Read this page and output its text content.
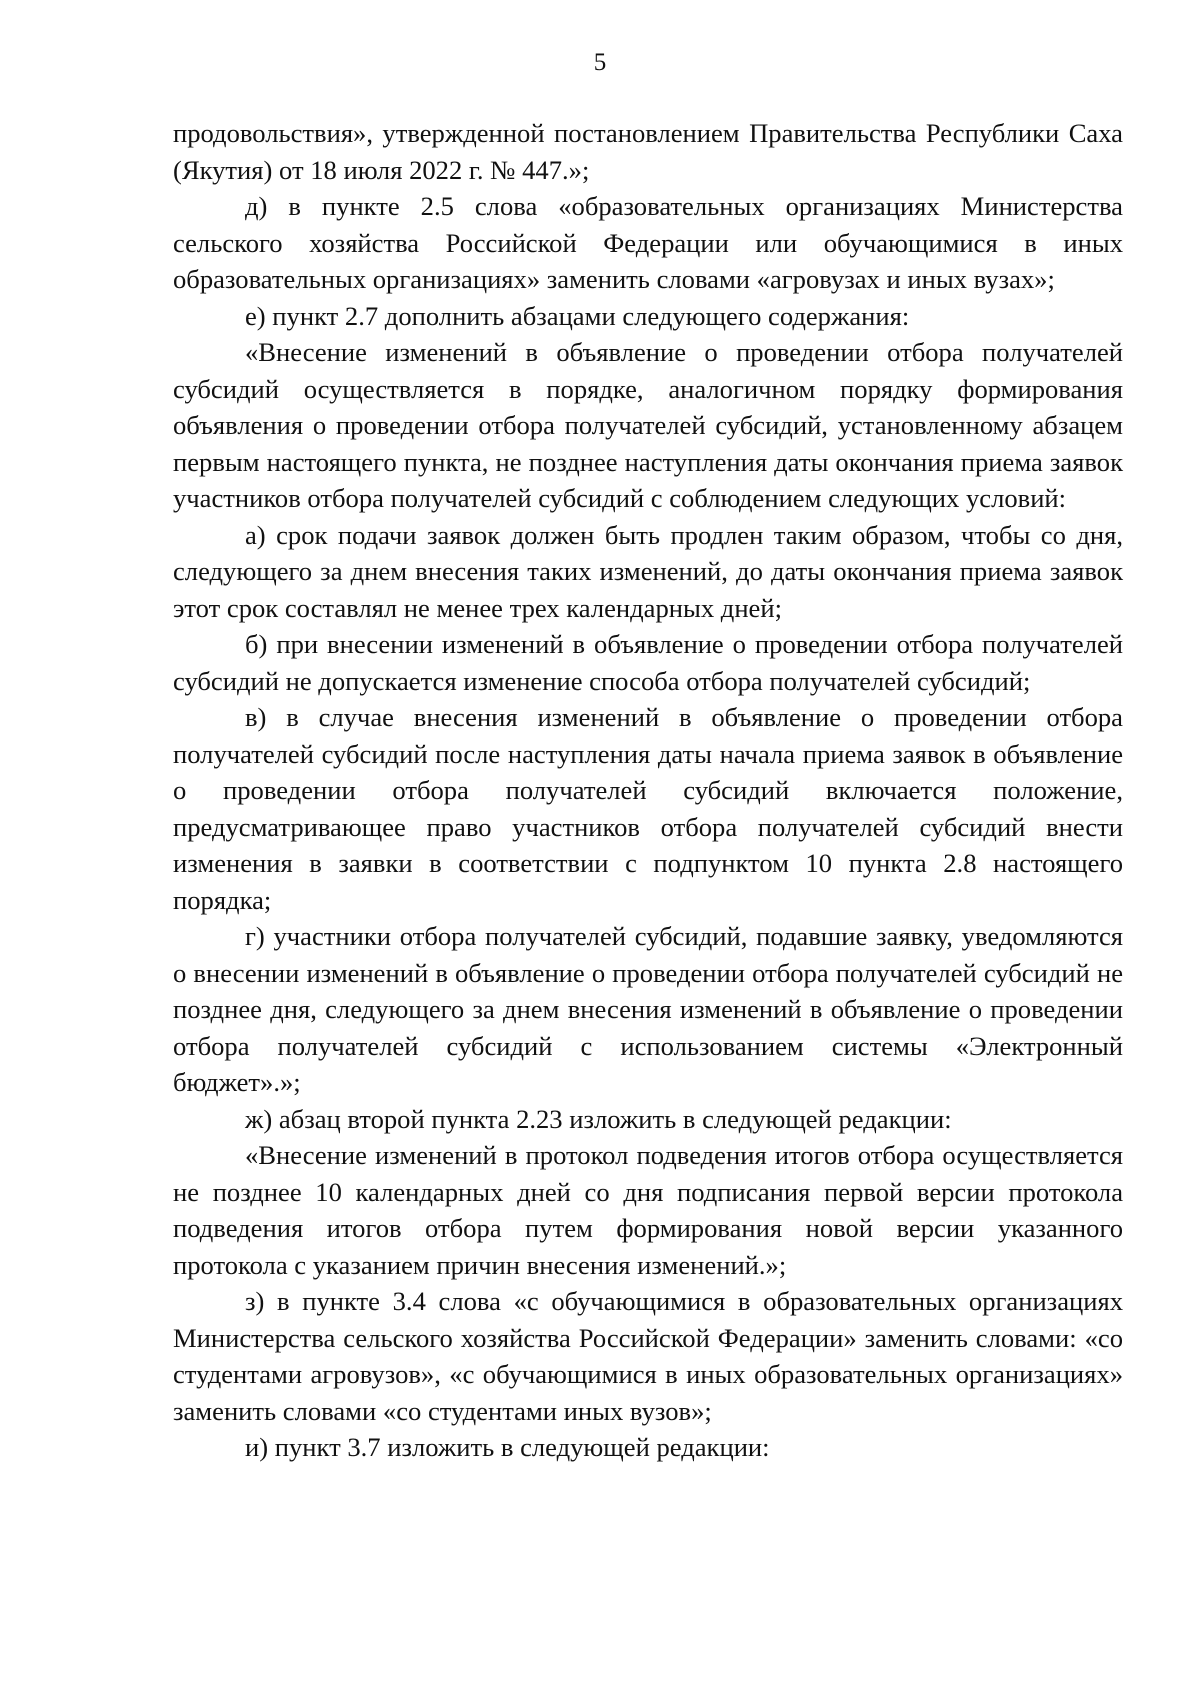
5

продовольствия», утвержденной постановлением Правительства Республики Саха (Якутия) от 18 июля 2022 г. № 447.»;

д) в пункте 2.5 слова «образовательных организациях Министерства сельского хозяйства Российской Федерации или обучающимися в иных образовательных организациях» заменить словами «агровузах и иных вузах»;

е) пункт 2.7 дополнить абзацами следующего содержания:

«Внесение изменений в объявление о проведении отбора получателей субсидий осуществляется в порядке, аналогичном порядку формирования объявления о проведении отбора получателей субсидий, установленному абзацем первым настоящего пункта, не позднее наступления даты окончания приема заявок участников отбора получателей субсидий с соблюдением следующих условий:

а) срок подачи заявок должен быть продлен таким образом, чтобы со дня, следующего за днем внесения таких изменений, до даты окончания приема заявок этот срок составлял не менее трех календарных дней;

б) при внесении изменений в объявление о проведении отбора получателей субсидий не допускается изменение способа отбора получателей субсидий;

в) в случае внесения изменений в объявление о проведении отбора получателей субсидий после наступления даты начала приема заявок в объявление о проведении отбора получателей субсидий включается положение, предусматривающее право участников отбора получателей субсидий внести изменения в заявки в соответствии с подпунктом 10 пункта 2.8 настоящего порядка;

г) участники отбора получателей субсидий, подавшие заявку, уведомляются о внесении изменений в объявление о проведении отбора получателей субсидий не позднее дня, следующего за днем внесения изменений в объявление о проведении отбора получателей субсидий с использованием системы «Электронный бюджет».»;

ж) абзац второй пункта 2.23 изложить в следующей редакции:

«Внесение изменений в протокол подведения итогов отбора осуществляется не позднее 10 календарных дней со дня подписания первой версии протокола подведения итогов отбора путем формирования новой версии указанного протокола с указанием причин внесения изменений.»;

з) в пункте 3.4 слова «с обучающимися в образовательных организациях Министерства сельского хозяйства Российской Федерации» заменить словами: «со студентами агровузов», «с обучающимися в иных образовательных организациях» заменить словами «со студентами иных вузов»;

и) пункт 3.7 изложить в следующей редакции:
